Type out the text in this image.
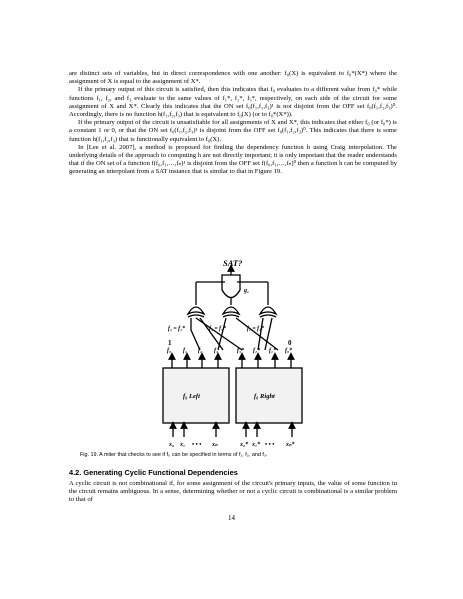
are distinct sets of variables, but in direct correspondence with one another: f₀(X) is equivalent to f₀*(X*) where the assignment of X is equal to the assignment of X*.

If the primary output of this circuit is satisfied, then this indicates that f₀ evaluates to a different value from f₀* while functions f₁, f₂, and f₃ evaluate to the same values of f₁*, f₂*, f₃*, respectively, on each side of the circuit for some assignment of X and X*. Clearly this indicates that the ON set f₀(f₁,f₂,f₃)¹ is not disjoint from the OFF set f₀(f₁,f₂,f₃)⁰. Accordingly, there is no function h(f₁,f₂,f₃) that is equivalent to f₀(X) (or to f₀*(X*)).

If the primary output of the circuit is unsatisfiable for all assignments of X and X*, this indicates that either f₀ (or f₀*) is a constant 1 or 0, or that the ON set f₀(f₁,f₂,f₃)¹ is disjoint from the OFF set f₀(f₁,f₂,f₃)⁰. This indicates that there is some function h(f₁,f₂,f₃) that is functionally equivalent to f₀(X).

In [Lee et al. 2007], a method is proposed for finding the dependency function h using Craig interpolation. The underlying details of the approach to computing h are not directly important; it is only important that the reader understands that if the ON set of a function f(f₀,f₁,…,fₙ)¹ is disjoint from the OFF set f(f₀,f₁,…,fₙ)⁰ then a function h can be computed by generating an interpolant from a SAT instance that is similar to that in Figure 19.

SAT?
g₁
f₂ = f₂*	f₃ = f₃*	f₁ = f₁*
1	0
f₀ f₁ f₂ f₃	f₃* f₂* f₁* f₀*
f₀ Left	f₀ Right
x₀ x₁ • • • xₙ	x₀* x₁* • • • xₙ*
Fig. 19. A miter that checks to see if f₀ can be specified in terms of f₁, f₂, and f₃.
4.2. Generating Cyclic Functional Dependencies

A cyclic circuit is not combinational if, for some assignment of the circuit's primary inputs, the value of some function in the circuit remains ambiguous. In a sense, determining whether or not a cyclic circuit is combinational is a similar problem to that of

14
